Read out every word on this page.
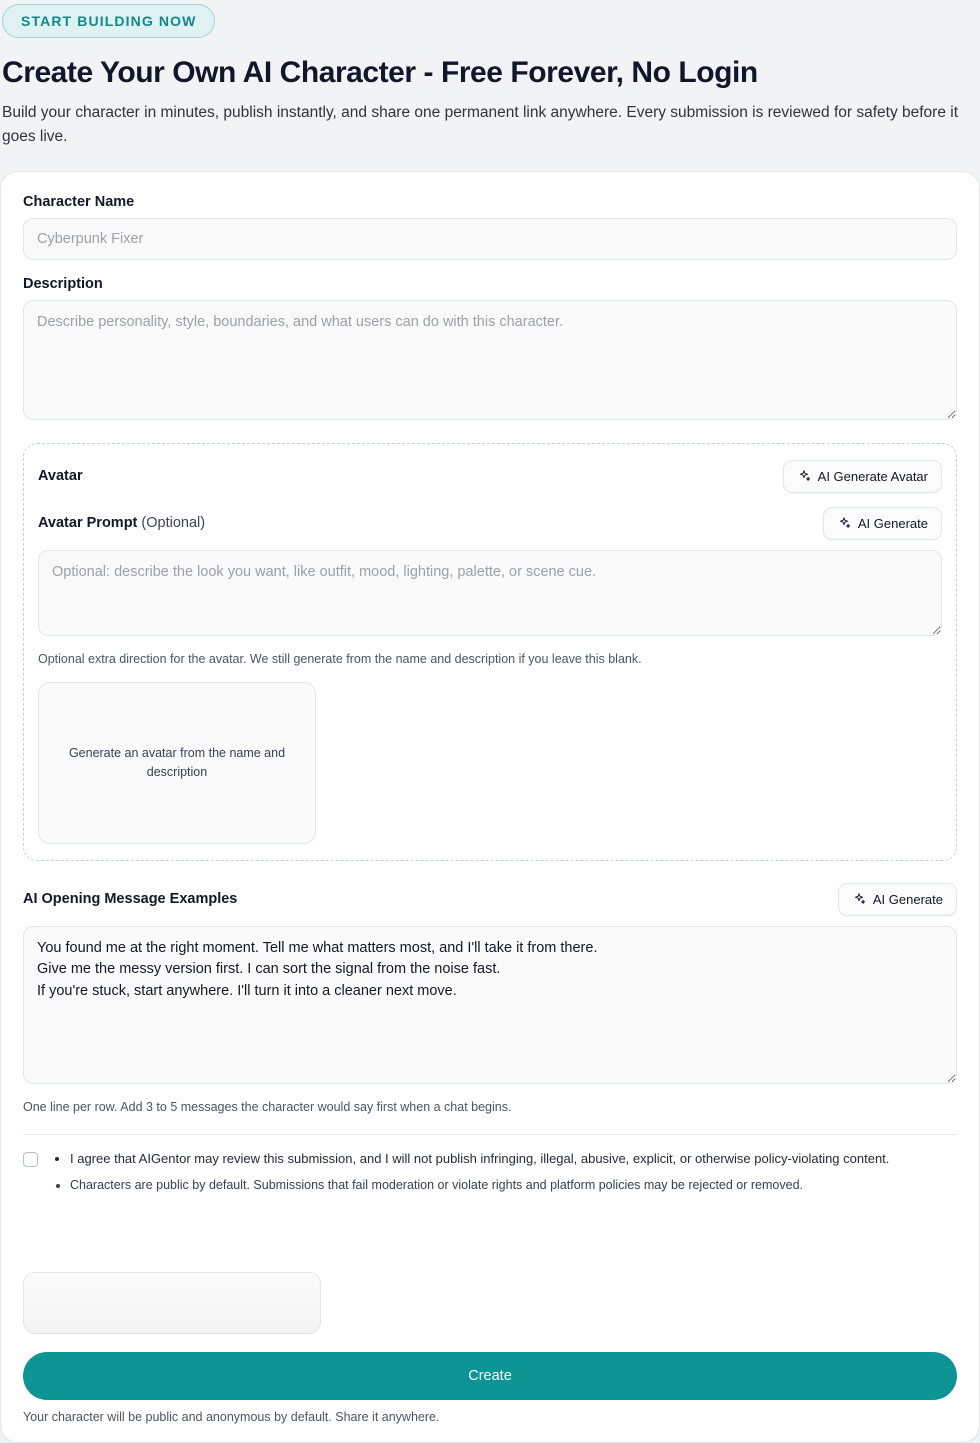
START BUILDING NOW
Create Your Own AI Character - Free Forever, No Login

Build your character in minutes, publish instantly, and share one permanent link anywhere. Every submission is reviewed for safety before it goes live.

Character Name
Cyberpunk Fixer
Description
Describe personality, style, boundaries, and what users can do with this character.
Avatar	AI Generate Avatar
Avatar Prompt (Optional)	AI Generate
Optional: describe the look you want, like outfit, mood, lighting, palette, or scene cue.

Optional extra direction for the avatar. We still generate from the name and description if you leave this blank.

Generate an avatar from the name and description
AI Opening Message Examples	AI Generate
You found me at the right moment. Tell me what matters most, and I'll take it from there. Give me the messy version first. I can sort the signal from the noise fast. If you're stuck, start anywhere. I'll turn it into a cleaner next move.

One line per row. Add 3 to 5 messages the character would say first when a chat begins.

• I agree that AIGentor may review this submission, and I will not publish infringing, illegal, abusive, explicit, or otherwise policy-violating content.
• Characters are public by default. Submissions that fail moderation or violate rights and platform policies may be rejected or removed.
Create

Your character will be public and anonymous by default. Share it anywhere.
